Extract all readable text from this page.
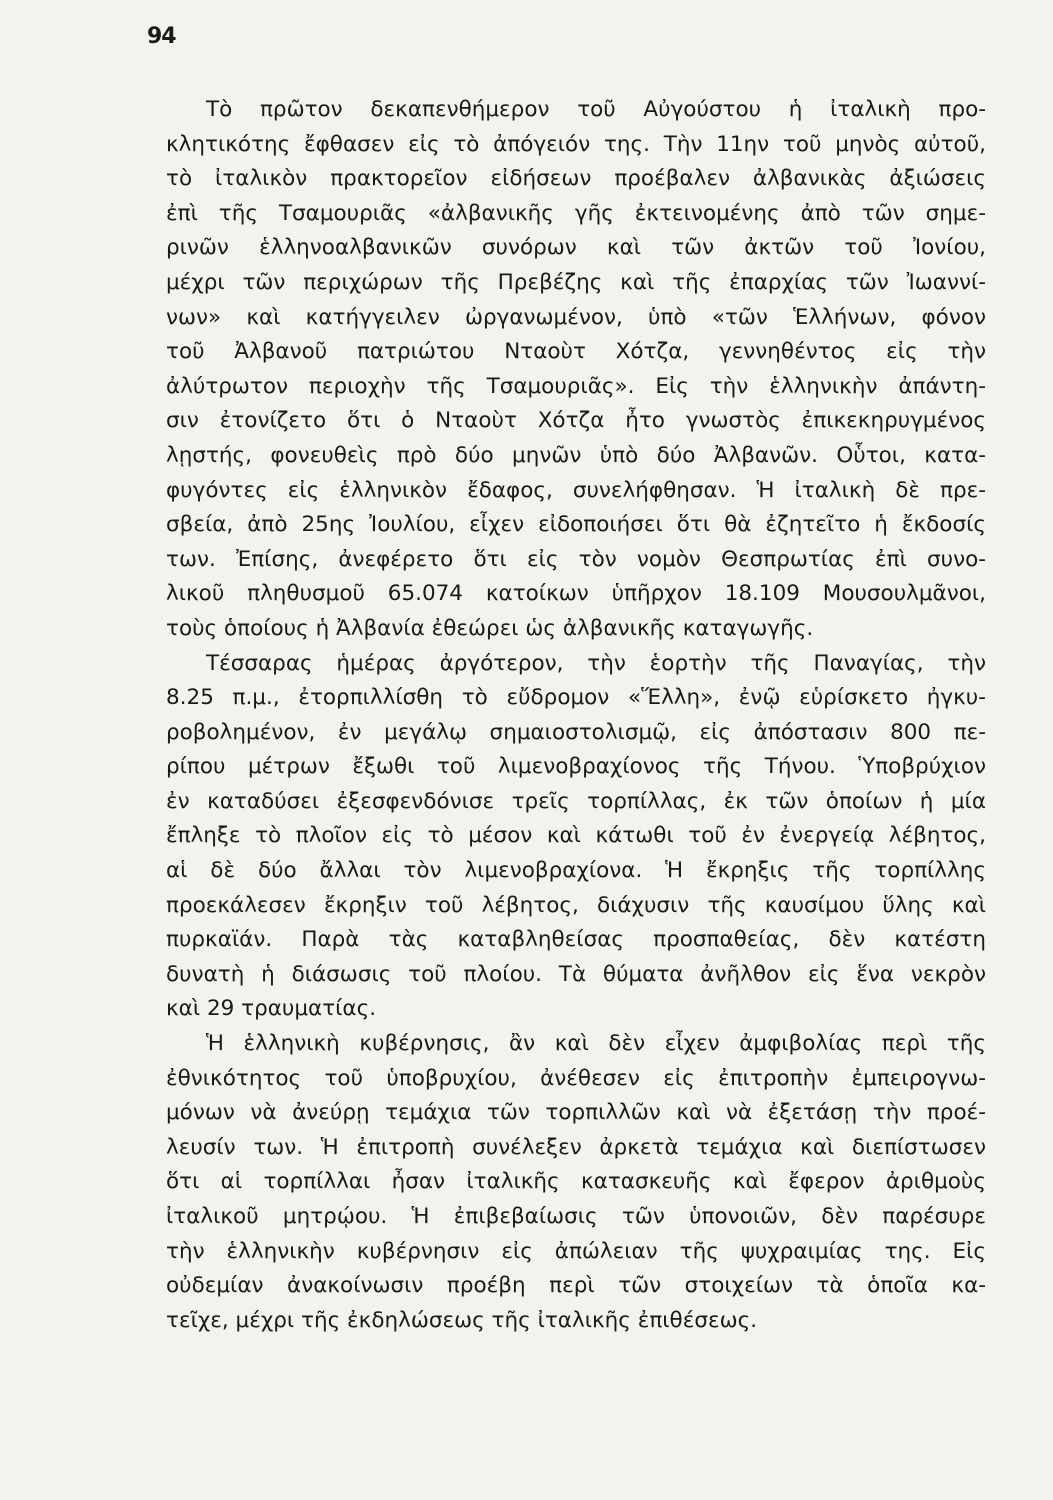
94
Τὸ πρῶτον δεκαπενθήμερον τοῦ Αὐγούστου ἡ ἰταλικὴ προ-
κλητικότης ἔφθασεν εἰς τὸ ἀπόγειόν της. Τὴν 11ην τοῦ μηνὸς αὐτοῦ,
τὸ ἰταλικὸν πρακτορεῖον εἰδήσεων προέβαλεν ἀλβανικὰς ἀξιώσεις
ἐπὶ τῆς Τσαμουριᾶς «ἀλβανικῆς γῆς ἐκτεινομένης ἀπὸ τῶν σημε-
ρινῶν ἑλληνοαλβανικῶν συνόρων καὶ τῶν ἀκτῶν τοῦ Ἰονίου,
μέχρι τῶν περιχώρων τῆς Πρεβέζης καὶ τῆς ἐπαρχίας τῶν Ἰωαννί-
νων» καὶ κατήγγειλεν ὠργανωμένον, ὑπὸ «τῶν Ἑλλήνων, φόνον
τοῦ Ἀλβανοῦ πατριώτου Νταοὺτ Χότζα, γεννηθέντος εἰς τὴν
ἀλύτρωτον περιοχὴν τῆς Τσαμουριᾶς». Εἰς τὴν ἑλληνικὴν ἀπάντη-
σιν ἐτονίζετο ὅτι ὁ Νταοὺτ Χότζα ἦτο γνωστὸς ἐπικεκηρυγμένος
λῃστής, φονευθεὶς πρὸ δύο μηνῶν ὑπὸ δύο Ἀλβανῶν. Οὗτοι, κατα-
φυγόντες εἰς ἑλληνικὸν ἔδαφος, συνελήφθησαν. Ἡ ἰταλικὴ δὲ πρε-
σβεία, ἀπὸ 25ης Ἰουλίου, εἶχεν εἰδοποιήσει ὅτι θὰ ἐζητεῖτο ἡ ἔκδοσίς
των. Ἐπίσης, ἀνεφέρετο ὅτι εἰς τὸν νομὸν Θεσπρωτίας ἐπὶ συνο-
λικοῦ πληθυσμοῦ 65.074 κατοίκων ὑπῆρχον 18.109 Μουσουλμᾶνοι,
τοὺς ὁποίους ἡ Ἀλβανία ἐθεώρει ὡς ἀλβανικῆς καταγωγῆς.
Τέσσαρας ἡμέρας ἀργότερον, τὴν ἑορτὴν τῆς Παναγίας, τὴν
8.25 π.μ., ἐτορπιλλίσθη τὸ εὔδρομον «Ἕλλη», ἐνῷ εὑρίσκετο ἠγκυ-
ροβολημένον, ἐν μεγάλῳ σημαιοστολισμῷ, εἰς ἀπόστασιν 800 πε-
ρίπου μέτρων ἔξωθι τοῦ λιμενοβραχίονος τῆς Τήνου. Ὑποβρύχιον
ἐν καταδύσει ἐξεσφενδόνισε τρεῖς τορπίλλας, ἐκ τῶν ὁποίων ἡ μία
ἔπληξε τὸ πλοῖον εἰς τὸ μέσον καὶ κάτωθι τοῦ ἐν ἐνεργείᾳ λέβητος,
αἱ δὲ δύο ἄλλαι τὸν λιμενοβραχίονα. Ἡ ἔκρηξις τῆς τορπίλλης
προεκάλεσεν ἔκρηξιν τοῦ λέβητος, διάχυσιν τῆς καυσίμου ὕλης καὶ
πυρκαϊάν. Παρὰ τὰς καταβληθείσας προσπαθείας, δὲν κατέστη
δυνατὴ ἡ διάσωσις τοῦ πλοίου. Τὰ θύματα ἀνῆλθον εἰς ἕνα νεκρὸν
καὶ 29 τραυματίας.
Ἡ ἑλληνικὴ κυβέρνησις, ἂν καὶ δὲν εἶχεν ἀμφιβολίας περὶ τῆς
ἐθνικότητος τοῦ ὑποβρυχίου, ἀνέθεσεν εἰς ἐπιτροπὴν ἐμπειρογνω-
μόνων νὰ ἀνεύρῃ τεμάχια τῶν τορπιλλῶν καὶ νὰ ἐξετάσῃ τὴν προέ-
λευσίν των. Ἡ ἐπιτροπὴ συνέλεξεν ἀρκετὰ τεμάχια καὶ διεπίστωσεν
ὅτι αἱ τορπίλλαι ἦσαν ἰταλικῆς κατασκευῆς καὶ ἔφερον ἀριθμοὺς
ἰταλικοῦ μητρῴου. Ἡ ἐπιβεβαίωσις τῶν ὑπονοιῶν, δὲν παρέσυρε
τὴν ἑλληνικὴν κυβέρνησιν εἰς ἀπώλειαν τῆς ψυχραιμίας της. Εἰς
οὐδεμίαν ἀνακοίνωσιν προέβη περὶ τῶν στοιχείων τὰ ὁποῖα κα-
τεῖχε, μέχρι τῆς ἐκδηλώσεως τῆς ἰταλικῆς ἐπιθέσεως.
